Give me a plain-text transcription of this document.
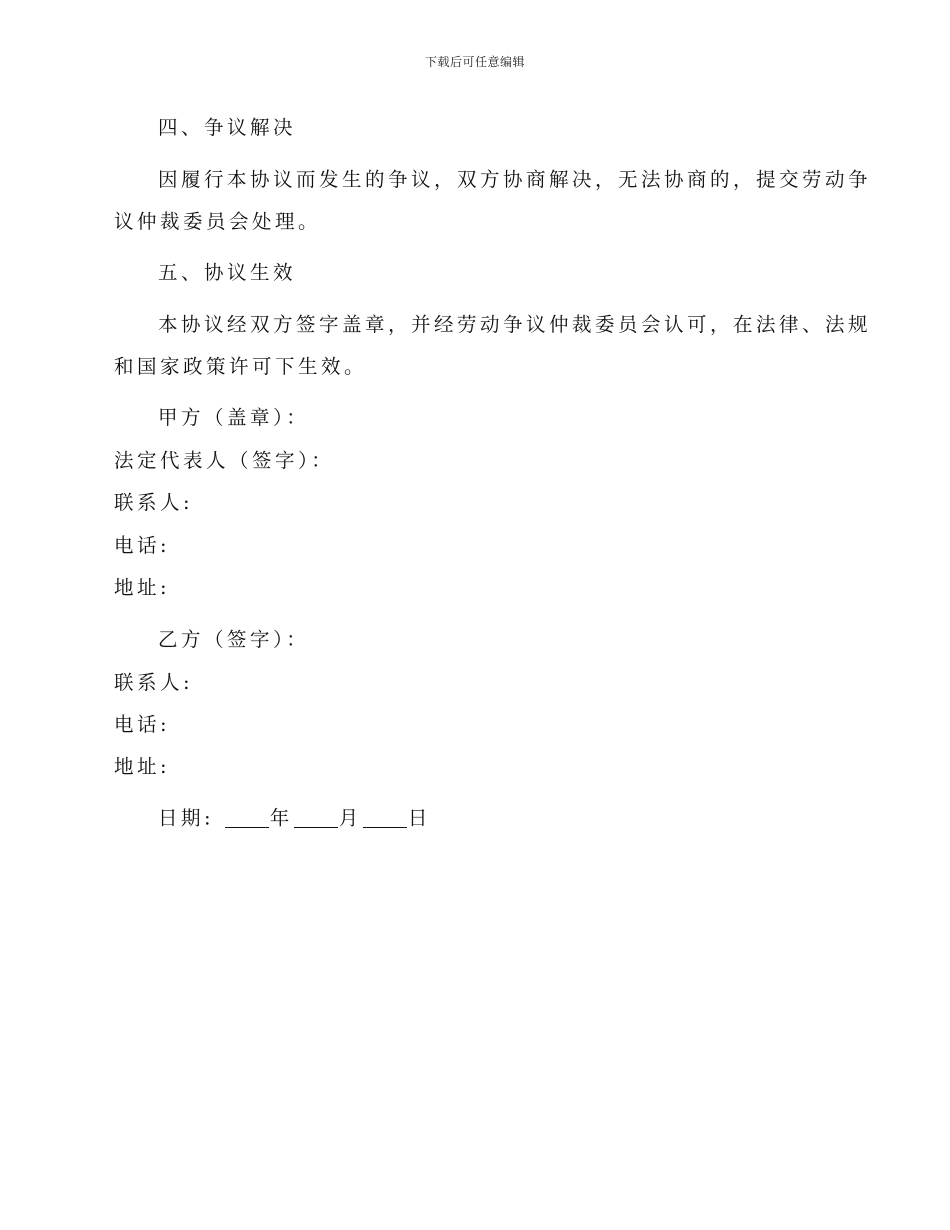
下载后可任意编辑
四、争议解决
因履行本协议而发生的争议，双方协商解决，无法协商的，提交劳动争
议仲裁委员会处理。
五、协议生效
本协议经双方签字盖章，并经劳动争议仲裁委员会认可，在法律、法规
和国家政策许可下生效。
甲方（盖章）：
法定代表人（签字）：
联系人:
电话:
地址:
乙方（签字）：
联系人:
电话:
地址:
日期:	年 月 日
